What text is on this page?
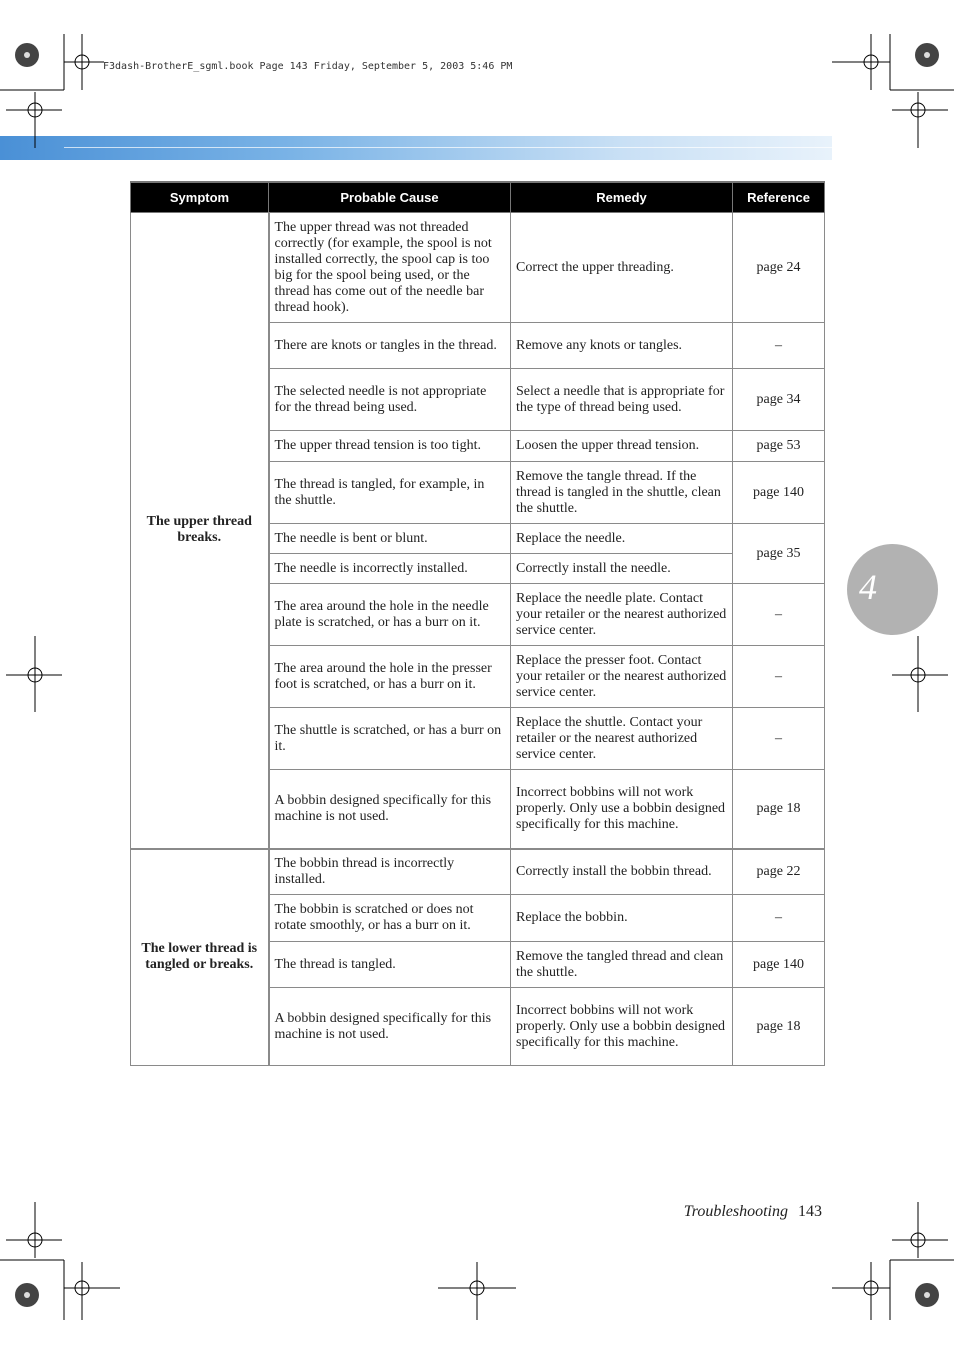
F3dash-BrotherE_sgml.book Page 143 Friday, September 5, 2003 5:46 PM
4
Symptom	Probable Cause	Remedy	Reference
The upper thread breaks.	The upper thread was not threaded correctly (for example, the spool is not installed correctly, the spool cap is too big for the spool being used, or the thread has come out of the needle bar thread hook).	Correct the upper threading.	page 24
	There are knots or tangles in the thread.	Remove any knots or tangles.	–
	The selected needle is not appropriate for the thread being used.	Select a needle that is appropriate for the type of thread being used.	page 34
	The upper thread tension is too tight.	Loosen the upper thread tension.	page 53
	The thread is tangled, for example, in the shuttle.	Remove the tangle thread. If the thread is tangled in the shuttle, clean the shuttle.	page 140
	The needle is bent or blunt.	Replace the needle.	page 35
	The needle is incorrectly installed.	Correctly install the needle.	
	The area around the hole in the needle plate is scratched, or has a burr on it.	Replace the needle plate. Contact your retailer or the nearest authorized service center.	–
	The area around the hole in the presser foot is scratched, or has a burr on it.	Replace the presser foot. Contact your retailer or the nearest authorized service center.	–
	The shuttle is scratched, or has a burr on it.	Replace the shuttle. Contact your retailer or the nearest authorized service center.	–
	A bobbin designed specifically for this machine is not used.	Incorrect bobbins will not work properly. Only use a bobbin designed specifically for this machine.	page 18
The lower thread is tangled or breaks.	The bobbin thread is incorrectly installed.	Correctly install the bobbin thread.	page 22
	The bobbin is scratched or does not rotate smoothly, or has a burr on it.	Replace the bobbin.	–
	The thread is tangled.	Remove the tangled thread and clean the shuttle.	page 140
	A bobbin designed specifically for this machine is not used.	Incorrect bobbins will not work properly. Only use a bobbin designed specifically for this machine.	page 18
Troubleshooting 143
